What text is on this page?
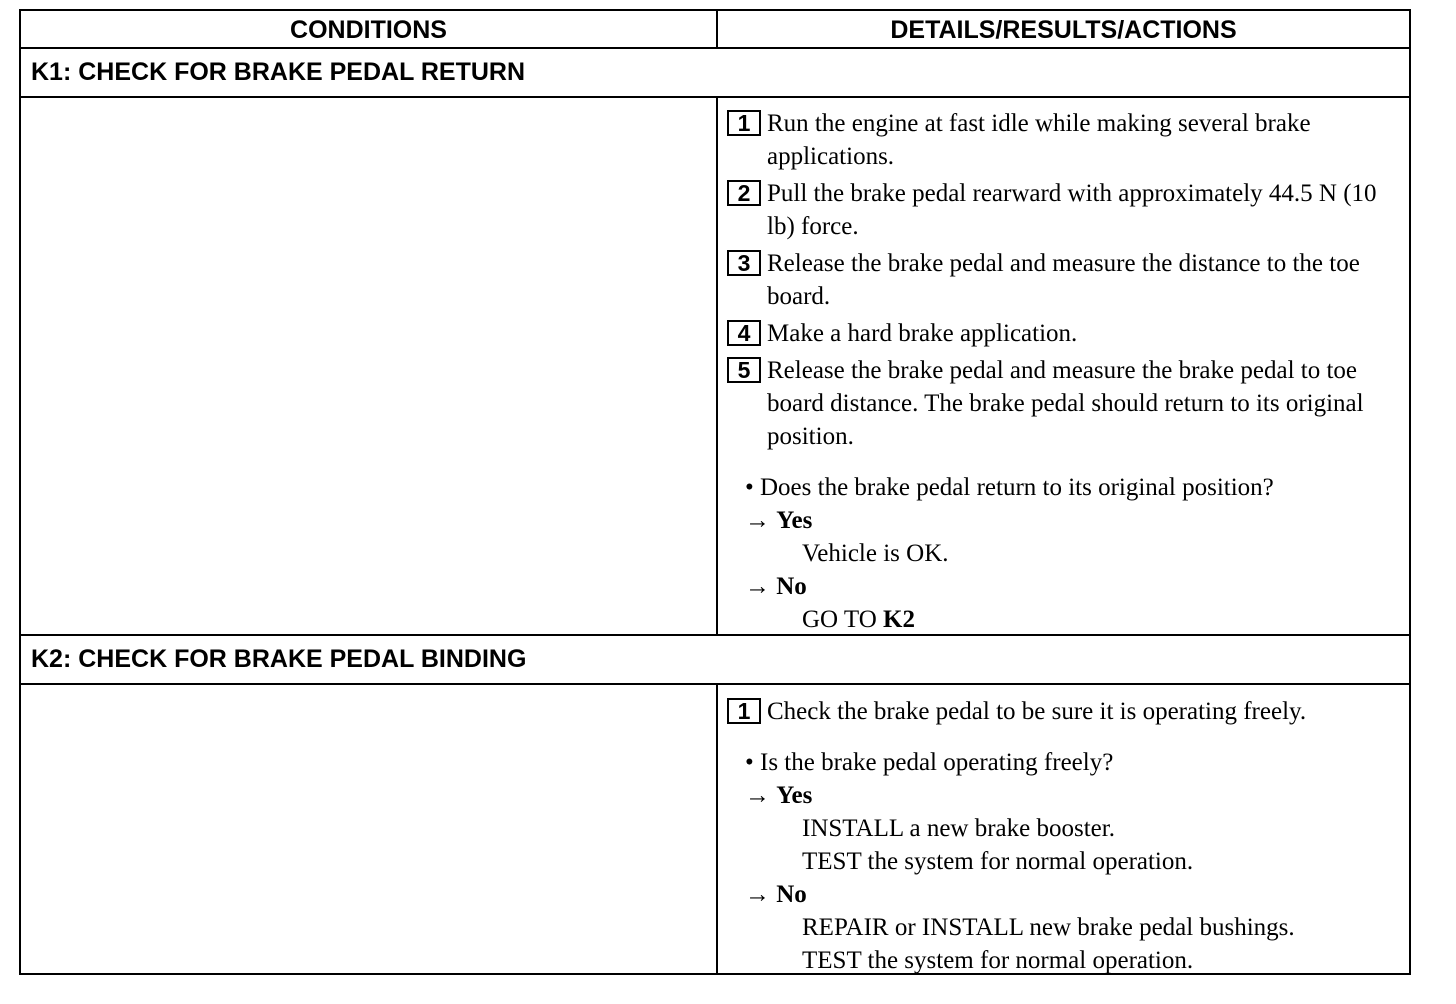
CONDITIONS	DETAILS/RESULTS/ACTIONS
K1: CHECK FOR BRAKE PEDAL RETURN
1 Run the engine at fast idle while making several brake applications.
2 Pull the brake pedal rearward with approximately 44.5 N (10 lb) force.
3 Release the brake pedal and measure the distance to the toe board.
4 Make a hard brake application.
5 Release the brake pedal and measure the brake pedal to toe board distance. The brake pedal should return to its original position.
• Does the brake pedal return to its original position?
→ Yes
Vehicle is OK.
→ No
GO TO K2
K2: CHECK FOR BRAKE PEDAL BINDING
1 Check the brake pedal to be sure it is operating freely.
• Is the brake pedal operating freely?
→ Yes
INSTALL a new brake booster.
TEST the system for normal operation.
→ No
REPAIR or INSTALL new brake pedal bushings.
TEST the system for normal operation.
